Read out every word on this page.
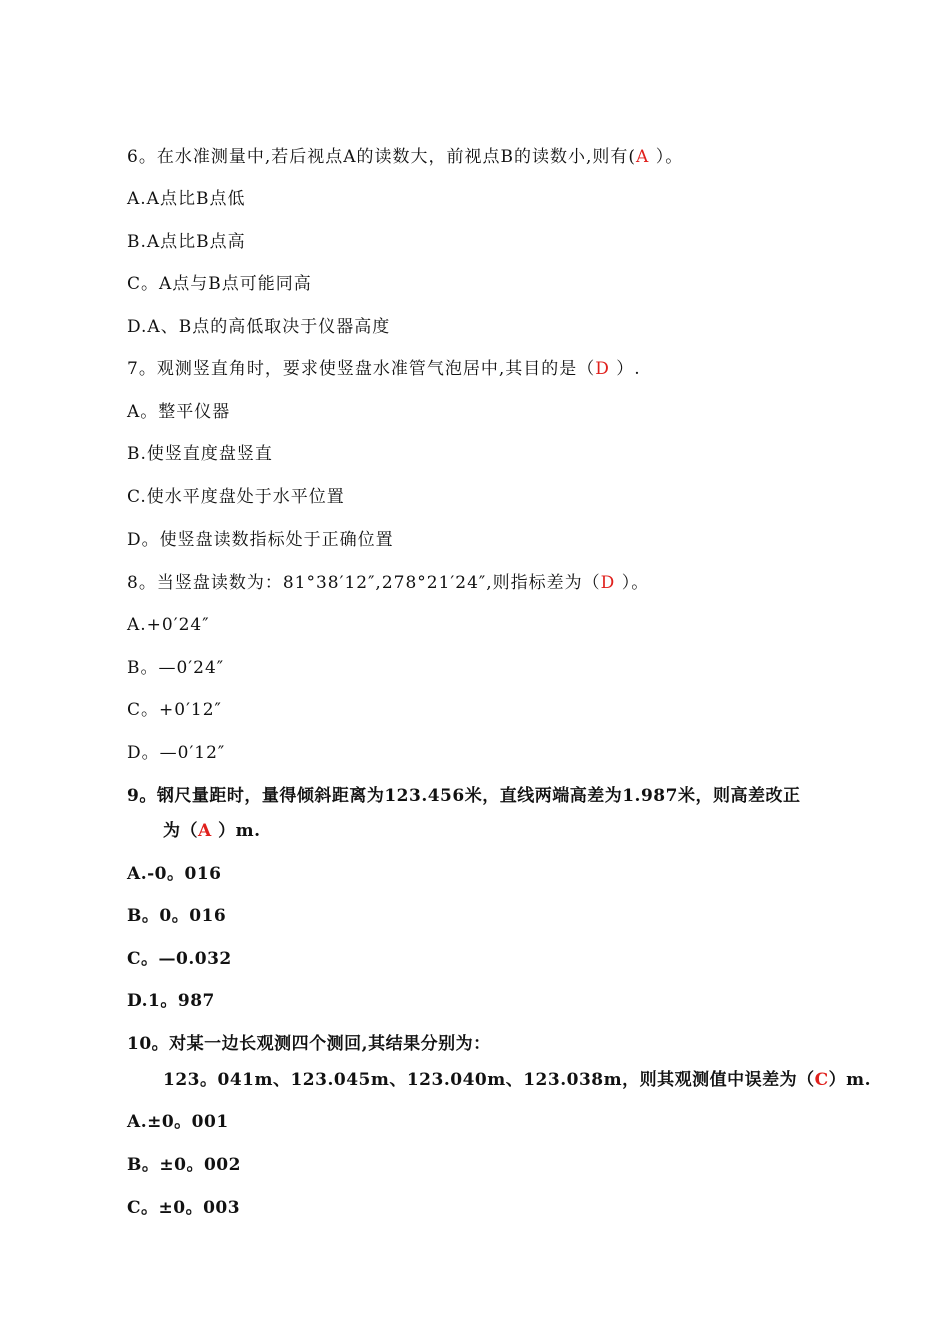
6。在水准测量中,若后视点A的读数大，前视点B的读数小,则有(A ）。
A.A点比B点低
B.A点比B点高
C。A点与B点可能同高
D.A、B点的高低取决于仪器高度
7。观测竖直角时，要求使竖盘水准管气泡居中,其目的是（D ）.
A。整平仪器
B.使竖直度盘竖直
C.使水平度盘处于水平位置
D。使竖盘读数指标处于正确位置
8。当竖盘读数为：81°38′12″,278°21′24″,则指标差为（D ）。
A.+0′24″
B。—0′24″
C。+0′12″
D。—0′12″
9。钢尺量距时，量得倾斜距离为123.456米，直线两端高差为1.987米，则高差改正
为（A ）m.
A.-0。016
B。0。016
C。—0.032
D.1。987
10。对某一边长观测四个测回,其结果分别为：
123。041m、123.045m、123.040m、123.038m，则其观测值中误差为（C）m.
A.±0。001
B。±0。002
C。±0。003
